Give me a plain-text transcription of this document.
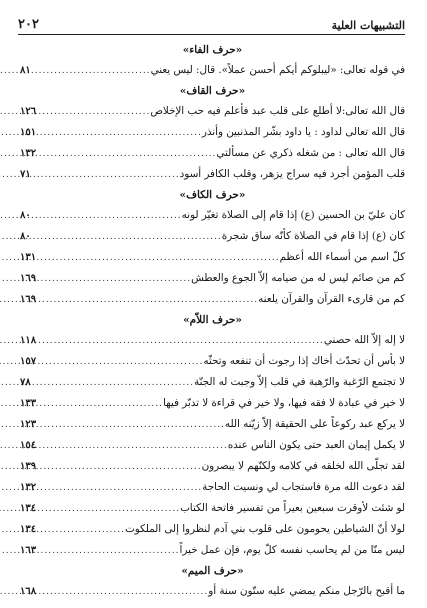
التشبيهات العلية
٢٠٢
«حرف الفاء»
في قوله تعالى: «ليبلوكم أيكم أحسن عملاً». قال: ليس يعني
.....
٨١
«حرف القاف»
قال الله تعالى:لا أطلع على قلب عبد فأعلم فيه حب الإخلاص
.....
١٢٦
قال الله تعالى لداود : يا داود بشّر المذنبين وأنذر
.....
١٥١
قال الله تعالى : من شغله ذكري عن مسألتي
.....
١٣٢
قلب المؤمن أجرد فيه سراج يزهر، وقلب الكافر أسود
.....
٧١
«حرف الكاف»
كان عليّ بن الحسين (ع) إذا قام إلى الصلاة تغيّر لونه
.....
٨٠
كان (ع) إذا قام في الصلاة كأنّه ساق شجرة
.....
٨٠
كلّ اسم من أسماء الله أعظم
.....
١٣١
كم من صائم ليس له من صيامه إلاّ الجوع والعطش
.....
١٦٩
كم من قارىء القرآن والقرآن يلعنه
.....
١٦٩
«حرف اللاّم»
لا إله إلاّ الله حصني
.....
١١٨
لا بأس أن تحدّث أخاك إذا رجوت أن تنفعه وتحثّه
.....
١٥٧
لا تجتمع الرّغبة والرّهبة في قلب إلاّ وجبت له الجنّة
.....
٧٨
لا خير في عبادة لا فقه فيها، ولا خير في قراءة لا تدبّر فيها
.....
١٣٣
لا يركع عبد ركوعاً على الحقيقة إلاّ زيّنه الله
.....
١٢٣
لا يكمل إيمان العبد حتى يكون الناس عنده
.....
١٥٤
لقد تجلّى الله لخلقه في كلامه ولكنّهم لا يبصرون
.....
١٣٩
لقد دعوت الله مرة فاستجاب لي ونسيت الحاجة
.....
١٣٢
لو شئت لأوقرت سبعين بعيراً من تفسير فاتحة الكتاب
.....
١٣٤
لولا أنّ الشياطين يحومون على قلوب بني آدم لنظروا إلى الملكوت
.....
١٣٤
ليس منّا من لم يحاسب نفسه كلّ يوم، فإن عمل خيراً
.....
١٦٣
«حرف الميم»
ما أقبح بالرّجل منكم يمضي عليه ستّون سنة أو
.....
١٦٨
